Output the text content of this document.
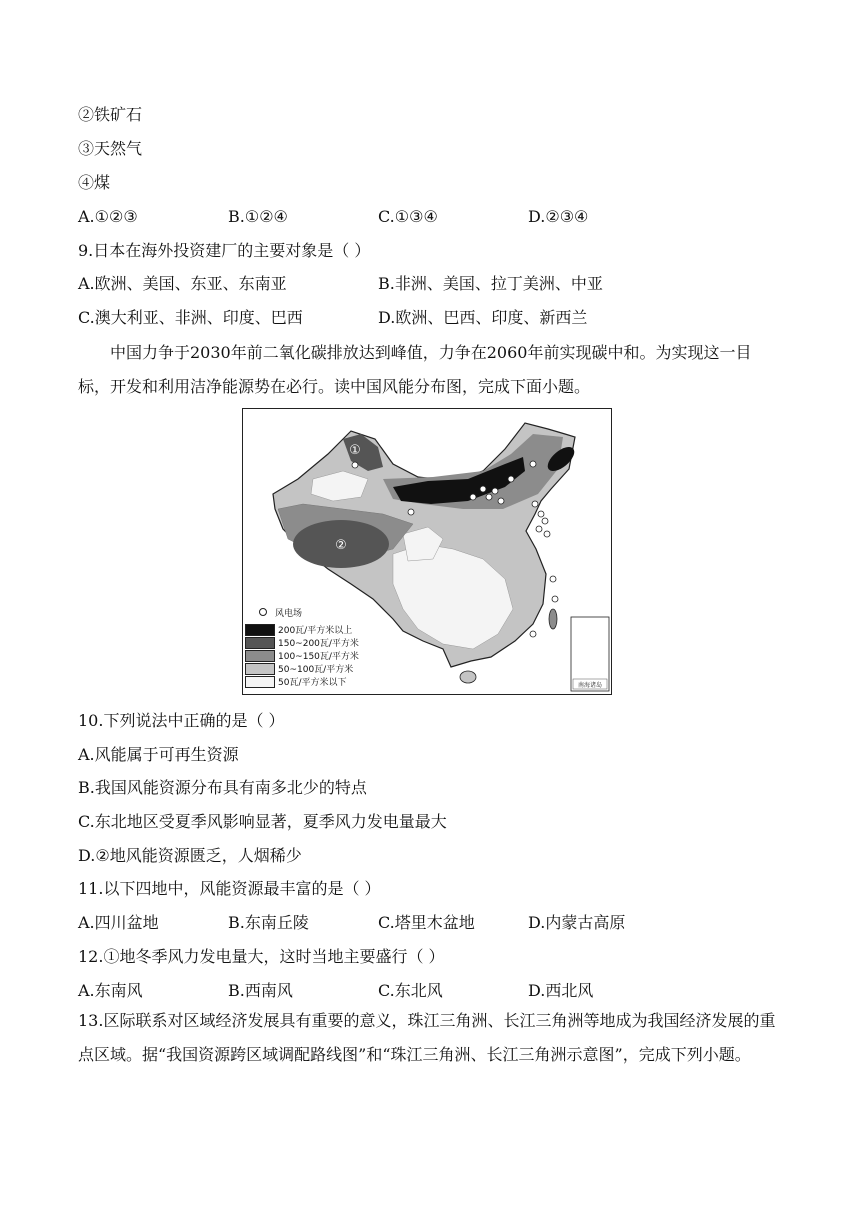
②铁矿石
③天然气
④煤
A.①②③	B.①②④	C.①③④	D.②③④
9.日本在海外投资建厂的主要对象是（ ）
A.欧洲、美国、东亚、东南亚	B.非洲、美国、拉丁美洲、中亚
C.澳大利亚、非洲、印度、巴西	D.欧洲、巴西、印度、新西兰
中国力争于2030年前二氧化碳排放达到峰值，力争在2060年前实现碳中和。为实现这一目标，开发和利用洁净能源势在必行。读中国风能分布图，完成下面小题。
南海诸岛
①
②
风电场
200瓦/平方米以上
150~200瓦/平方米
100~150瓦/平方米
50~100瓦/平方米
50瓦/平方米以下
10.下列说法中正确的是（ ）
A.风能属于可再生资源
B.我国风能资源分布具有南多北少的特点
C.东北地区受夏季风影响显著，夏季风力发电量最大
D.②地风能资源匮乏，人烟稀少
11.以下四地中，风能资源最丰富的是（ ）
A.四川盆地	B.东南丘陵	C.塔里木盆地	D.内蒙古高原
12.①地冬季风力发电量大，这时当地主要盛行（ ）
A.东南风	B.西南风	C.东北风	D.西北风
13.区际联系对区域经济发展具有重要的意义，珠江三角洲、长江三角洲等地成为我国经济发展的重点区域。据“我国资源跨区域调配路线图”和“珠江三角洲、长江三角洲示意图”，完成下列小题。
